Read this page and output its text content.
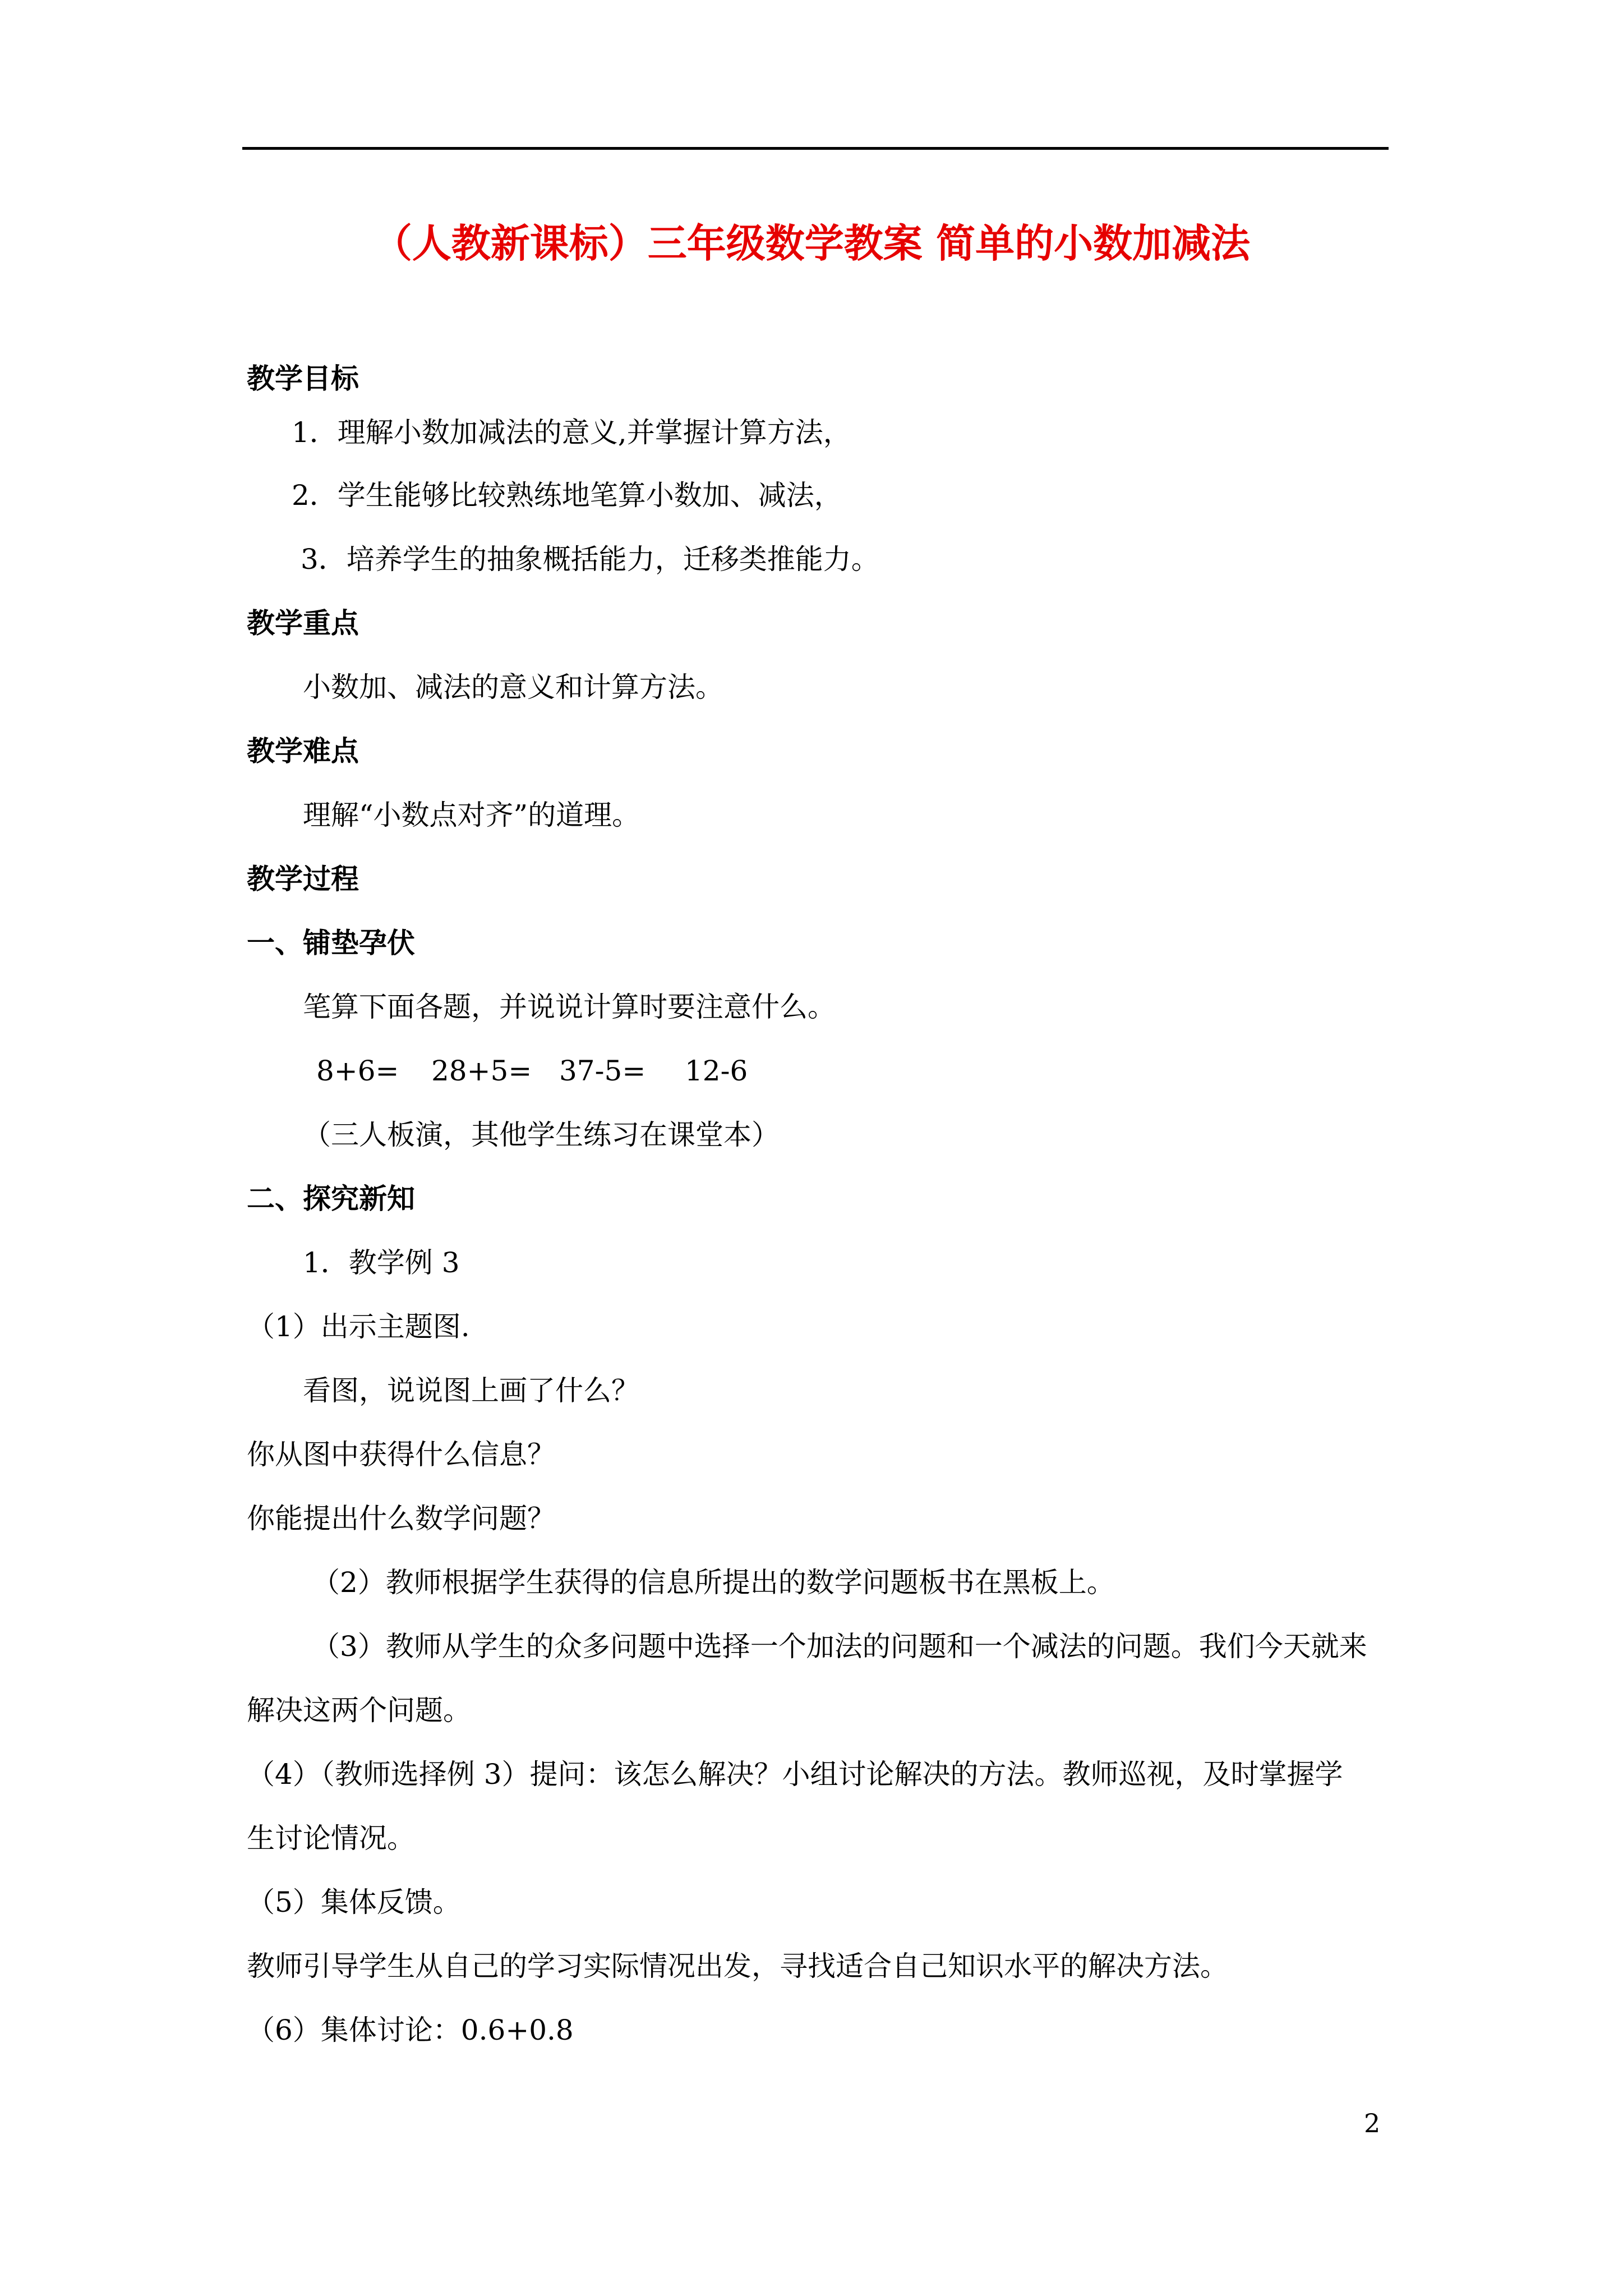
（人教新课标）三年级数学教案 简单的小数加减法
教学目标
1．理解小数加减法的意义,并掌握计算方法，
2．学生能够比较熟练地笔算小数加、减法，
3．培养学生的抽象概括能力，迁移类推能力。
教学重点
小数加、减法的意义和计算方法。
教学难点
理解“小数点对齐”的道理。
教学过程
一、铺垫孕伏
笔算下面各题，并说说计算时要注意什么。
8+6= 28+5= 37-5= 12-6
（三人板演，其他学生练习在课堂本）
二、探究新知
1．教学例 3
（1）出示主题图.
看图，说说图上画了什么？
你从图中获得什么信息？
你能提出什么数学问题？
（2）教师根据学生获得的信息所提出的数学问题板书在黑板上。
（3）教师从学生的众多问题中选择一个加法的问题和一个减法的问题。我们今天就来
解决这两个问题。
（4）（教师选择例 3）提问：该怎么解决？小组讨论解决的方法。教师巡视，及时掌握学
生讨论情况。
（5）集体反馈。
教师引导学生从自己的学习实际情况出发，寻找适合自己知识水平的解决方法。
（6）集体讨论：0.6+0.8
2
